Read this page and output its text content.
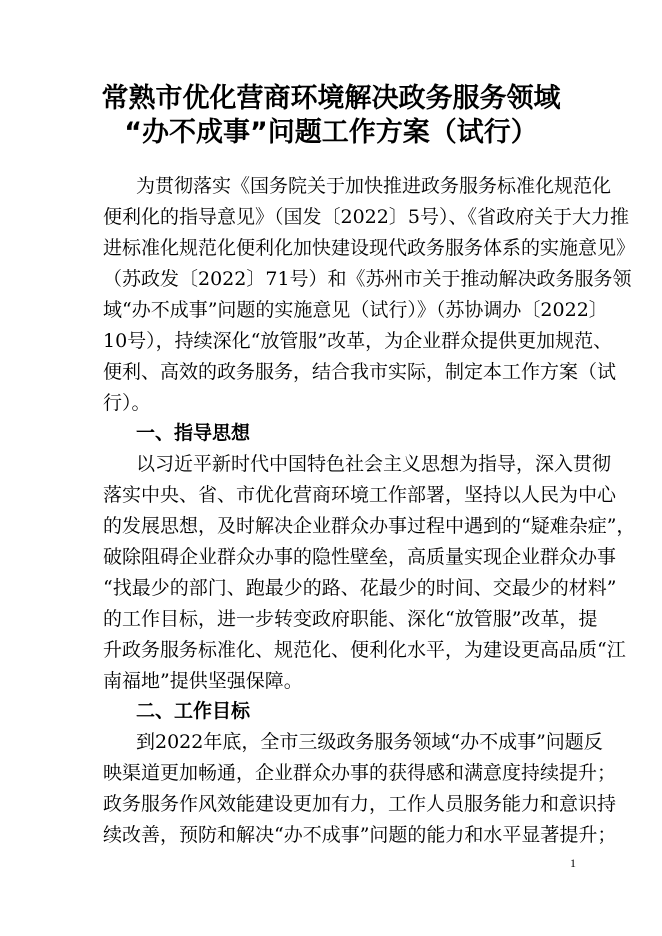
常熟市优化营商环境解决政务服务领域
“办不成事”问题工作方案（试行）
为贯彻落实《国务院关于加快推进政务服务标准化规范化
便利化的指导意见》（国发〔2022〕5号）、《省政府关于大力推
进标准化规范化便利化加快建设现代政务服务体系的实施意见》
（苏政发〔2022〕71号）和《苏州市关于推动解决政务服务领
域“办不成事”问题的实施意见（试行）》（苏协调办〔2022〕
10号），持续深化“放管服”改革，为企业群众提供更加规范、
便利、高效的政务服务，结合我市实际，制定本工作方案（试
行）。
一、指导思想
以习近平新时代中国特色社会主义思想为指导，深入贯彻
落实中央、省、市优化营商环境工作部署，坚持以人民为中心
的发展思想，及时解决企业群众办事过程中遇到的“疑难杂症”，
破除阻碍企业群众办事的隐性壁垒，高质量实现企业群众办事
“找最少的部门、跑最少的路、花最少的时间、交最少的材料”
的工作目标，进一步转变政府职能、深化“放管服”改革，提
升政务服务标准化、规范化、便利化水平，为建设更高品质“江
南福地”提供坚强保障。
二、工作目标
到2022年底，全市三级政务服务领域“办不成事”问题反
映渠道更加畅通，企业群众办事的获得感和满意度持续提升；
政务服务作风效能建设更加有力，工作人员服务能力和意识持
续改善，预防和解决“办不成事”问题的能力和水平显著提升；
1
